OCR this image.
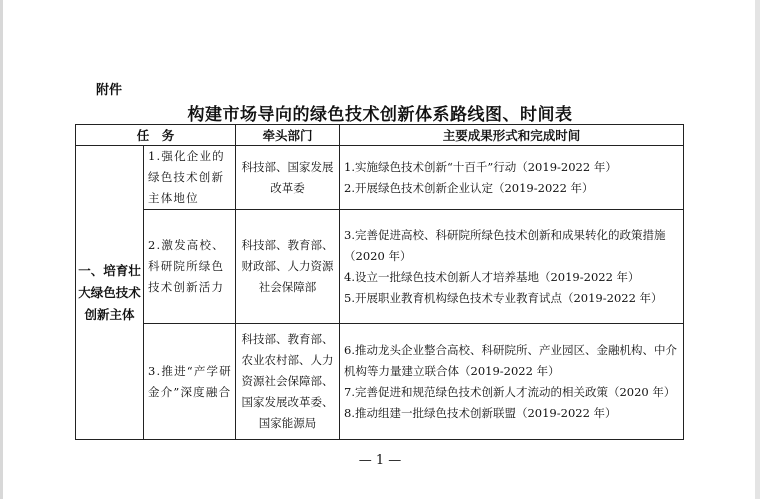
附件
构建市场导向的绿色技术创新体系路线图、时间表
任　务		牵头部门	主要成果形式和完成时间
一、培育壮大绿色技术创新主体	1.强化企业的绿色技术创新主体地位	科技部、国家发展改革委	1.实施绿色技术创新“十百千”行动（2019-2022 年）

2.开展绿色技术创新企业认定（2019-2022 年）

	2.激发高校、科研院所绿色技术创新活力	科技部、教育部、财政部、人力资源社会保障部	3.完善促进高校、科研院所绿色技术创新和成果转化的政策措施（2020 年）

4.设立一批绿色技术创新人才培养基地（2019-2022 年）

5.开展职业教育机构绿色技术专业教育试点（2019-2022 年）

	3.推进“产学研金介”深度融合	科技部、教育部、农业农村部、人力资源社会保障部、国家发展改革委、国家能源局	6.推动龙头企业整合高校、科研院所、产业园区、金融机构、中介机构等力量建立联合体（2019-2022 年）

7.完善促进和规范绿色技术创新人才流动的相关政策（2020 年）

8.推动组建一批绿色技术创新联盟（2019-2022 年）

— 1 —
